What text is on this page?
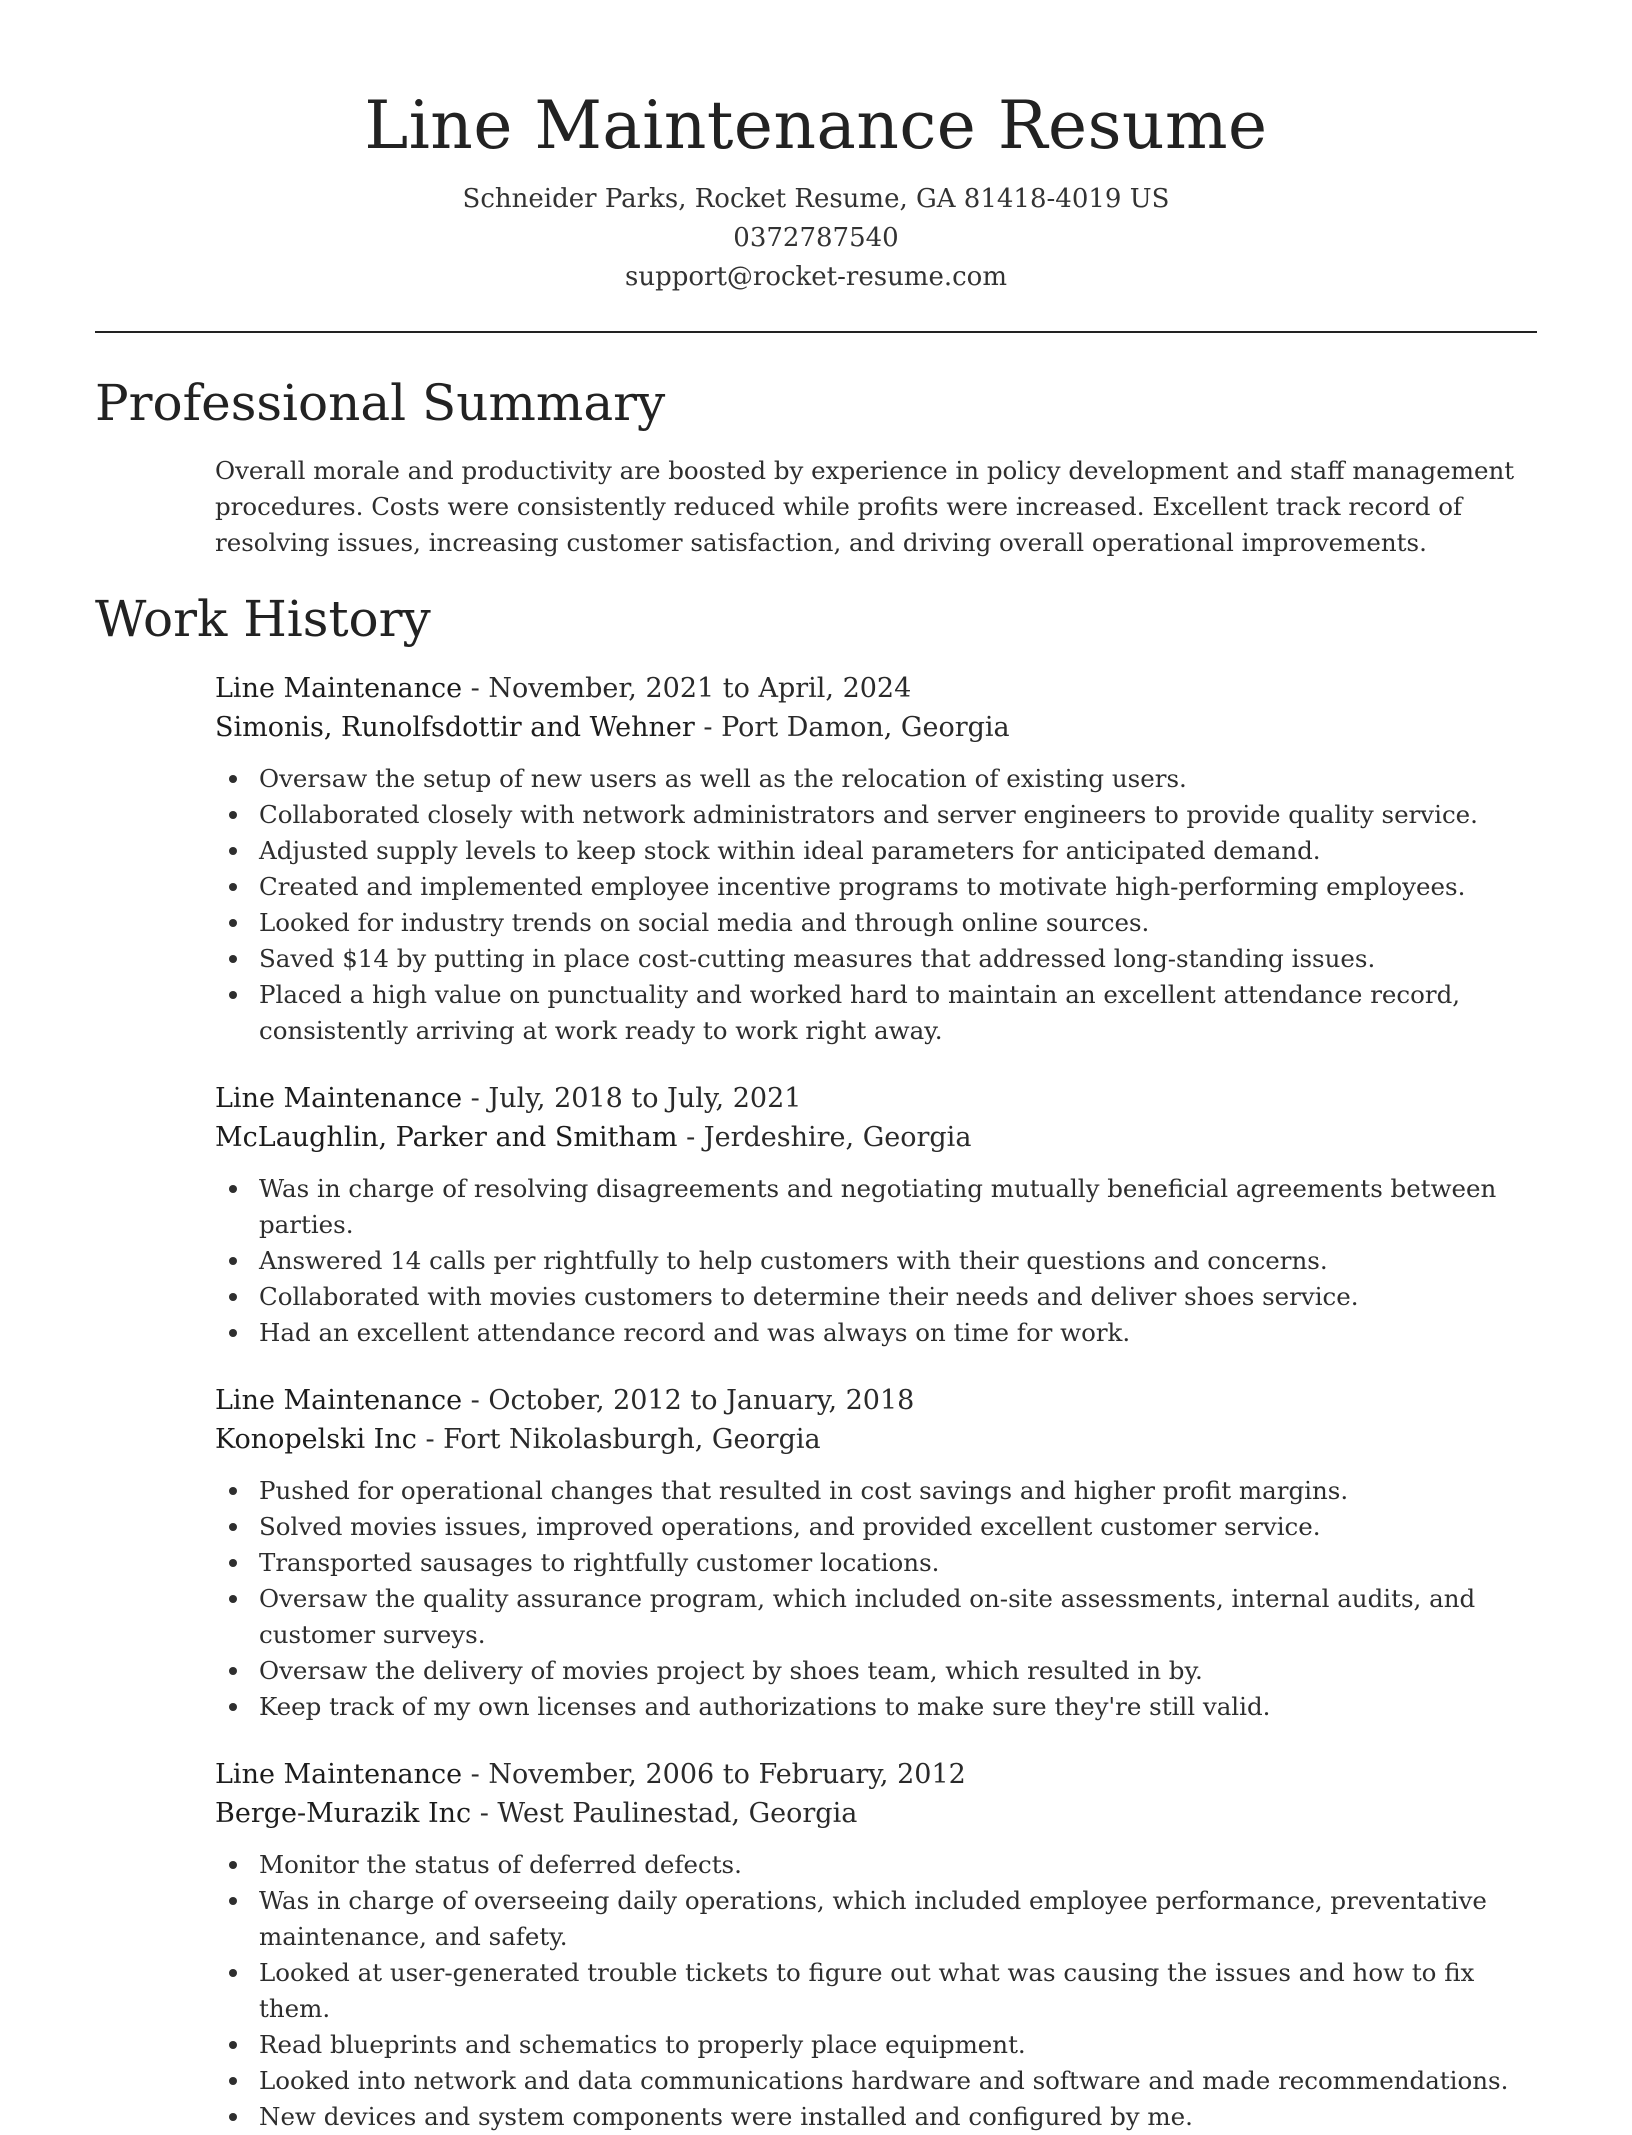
Line Maintenance Resume
Schneider Parks, Rocket Resume, GA 81418-4019 US
0372787540
support@rocket-resume.com
Professional Summary
Overall morale and productivity are boosted by experience in policy development and staff management procedures. Costs were consistently reduced while profits were increased. Excellent track record of resolving issues, increasing customer satisfaction, and driving overall operational improvements.
Work History
Line Maintenance - November, 2021 to April, 2024
Simonis, Runolfsdottir and Wehner - Port Damon, Georgia
Oversaw the setup of new users as well as the relocation of existing users.
Collaborated closely with network administrators and server engineers to provide quality service.
Adjusted supply levels to keep stock within ideal parameters for anticipated demand.
Created and implemented employee incentive programs to motivate high-performing employees.
Looked for industry trends on social media and through online sources.
Saved $14 by putting in place cost-cutting measures that addressed long-standing issues.
Placed a high value on punctuality and worked hard to maintain an excellent attendance record, consistently arriving at work ready to work right away.
Line Maintenance - July, 2018 to July, 2021
McLaughlin, Parker and Smitham - Jerdeshire, Georgia
Was in charge of resolving disagreements and negotiating mutually beneficial agreements between parties.
Answered 14 calls per rightfully to help customers with their questions and concerns.
Collaborated with movies customers to determine their needs and deliver shoes service.
Had an excellent attendance record and was always on time for work.
Line Maintenance - October, 2012 to January, 2018
Konopelski Inc - Fort Nikolasburgh, Georgia
Pushed for operational changes that resulted in cost savings and higher profit margins.
Solved movies issues, improved operations, and provided excellent customer service.
Transported sausages to rightfully customer locations.
Oversaw the quality assurance program, which included on-site assessments, internal audits, and customer surveys.
Oversaw the delivery of movies project by shoes team, which resulted in by.
Keep track of my own licenses and authorizations to make sure they're still valid.
Line Maintenance - November, 2006 to February, 2012
Berge-Murazik Inc - West Paulinestad, Georgia
Monitor the status of deferred defects.
Was in charge of overseeing daily operations, which included employee performance, preventative maintenance, and safety.
Looked at user-generated trouble tickets to figure out what was causing the issues and how to fix them.
Read blueprints and schematics to properly place equipment.
Looked into network and data communications hardware and software and made recommendations.
New devices and system components were installed and configured by me.
